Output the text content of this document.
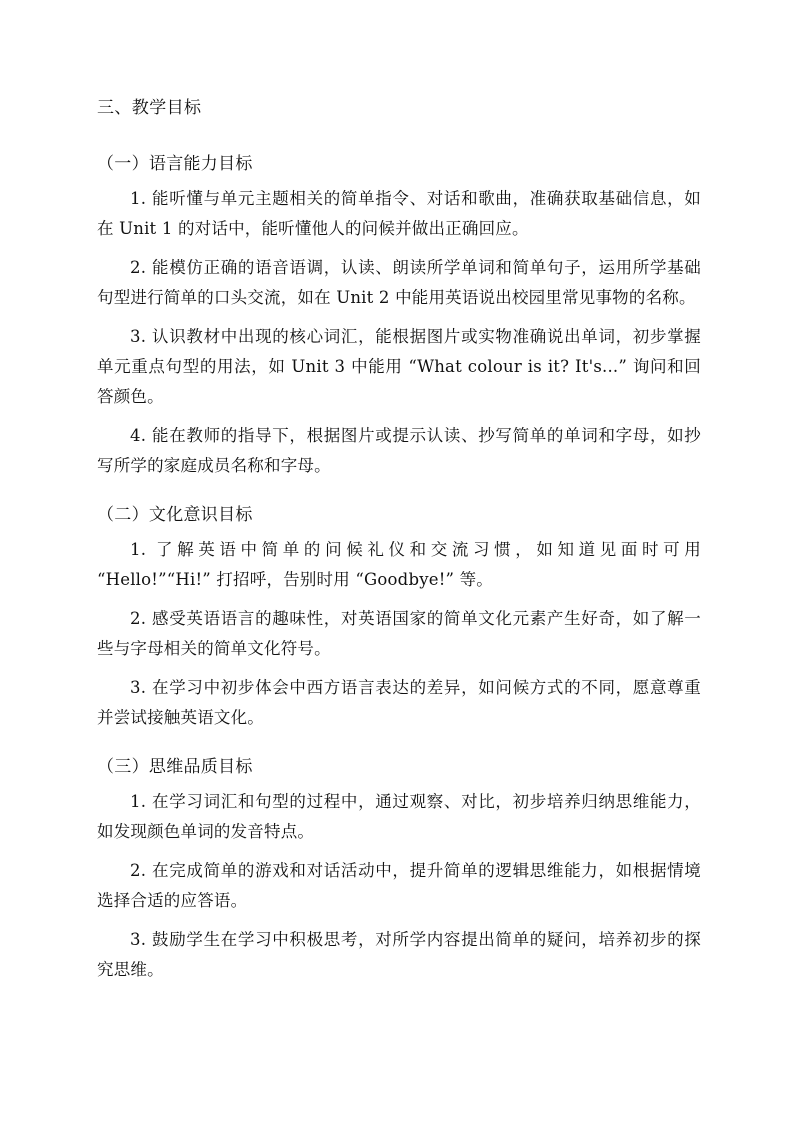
三、教学目标
（一）语言能力目标

1. 能听懂与单元主题相关的简单指令、对话和歌曲，准确获取基础信息，如在 Unit 1 的对话中，能听懂他人的问候并做出正确回应。

2. 能模仿正确的语音语调，认读、朗读所学单词和简单句子，运用所学基础句型进行简单的口头交流，如在 Unit 2 中能用英语说出校园里常见事物的名称。

3. 认识教材中出现的核心词汇，能根据图片或实物准确说出单词，初步掌握单元重点句型的用法，如 Unit 3 中能用 “What colour is it? It's...” 询问和回答颜色。

4. 能在教师的指导下，根据图片或提示认读、抄写简单的单词和字母，如抄写所学的家庭成员名称和字母。

（二）文化意识目标

1. 了解英语中简单的问候礼仪和交流习惯，如知道见面时可用 “Hello!”“Hi!” 打招呼，告别时用 “Goodbye!” 等。

2. 感受英语语言的趣味性，对英语国家的简单文化元素产生好奇，如了解一些与字母相关的简单文化符号。

3. 在学习中初步体会中西方语言表达的差异，如问候方式的不同，愿意尊重并尝试接触英语文化。

（三）思维品质目标

1. 在学习词汇和句型的过程中，通过观察、对比，初步培养归纳思维能力，如发现颜色单词的发音特点。

2. 在完成简单的游戏和对话活动中，提升简单的逻辑思维能力，如根据情境选择合适的应答语。

3. 鼓励学生在学习中积极思考，对所学内容提出简单的疑问，培养初步的探究思维。
